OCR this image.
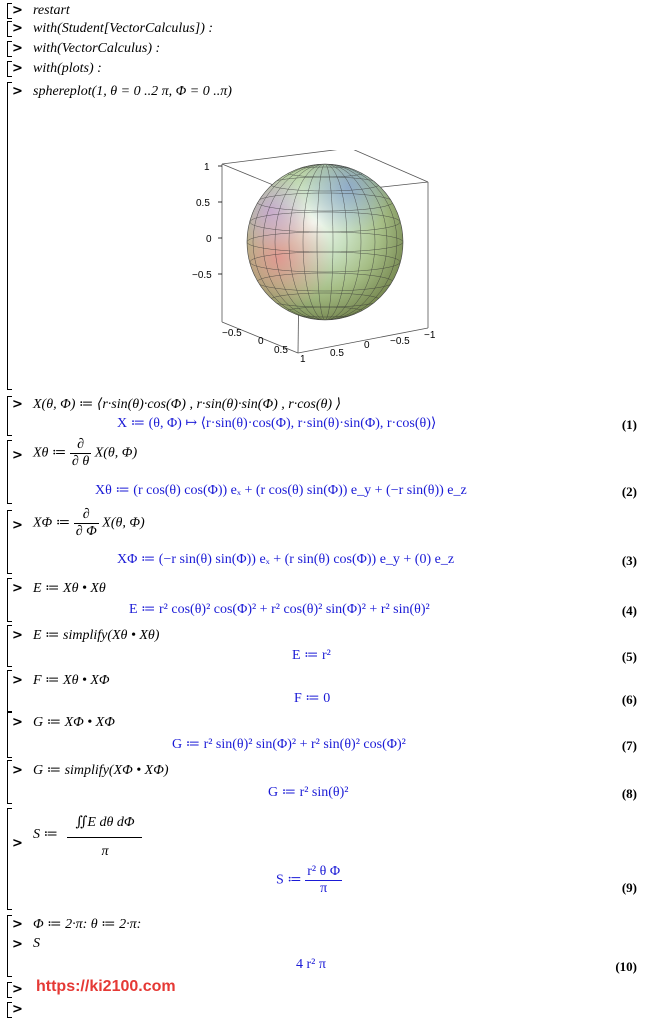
> restart
> with(Student[VectorCalculus]) :
> with(VectorCalculus) :
> with(plots) :
> sphereplot(1, θ = 0 ..2 π, Φ = 0 ..π)
1
0.5
0
−0.5
−0.5
0
0.5
1
0.5
0 −0.5
−1
> X(θ, Φ) ≔ ⟨r·sin(θ)·cos(Φ) , r·sin(θ)·sin(Φ) , r·cos(θ) ⟩
X ≔ (θ, Φ) ↦ ⟨r·sin(θ)·cos(Φ), r·sin(θ)·sin(Φ), r·cos(θ)⟩	(1)
> Xθ ≔ $\frac{\partial}{\partial \theta} X(\theta$, Φ)
Xθ ≔ (r cos(θ) cos(Φ)) eₓ + (r cos(θ) sin(Φ)) e_y + (−r sin(θ)) e_z	(2)
> XΦ ≔ $\frac{\partial}{\partial \Phi} X(\theta$, Φ)
XΦ ≔ (−r sin(θ) sin(Φ)) eₓ + (r sin(θ) cos(Φ)) e_y + (0) e_z	(3)
> E ≔ Xθ • Xθ
E ≔ r² cos(θ)² cos(Φ)² + r² cos(θ)² sin(Φ)² + r² sin(θ)²	(4)
> E ≔ simplify(Xθ • Xθ)
E ≔ r²	(5)
> F ≔ Xθ • XΦ
F ≔ 0	(6)
> G ≔ XΦ • XΦ
G ≔ r² sin(θ)² sin(Φ)² + r² sin(θ)² cos(Φ)²	(7)
> G ≔ simplify(XΦ • XΦ)
G ≔ r² sin(θ)²	(8)
>
S ≔ $\frac{\text{∬E dθ dΦ}}{\pi}$
S ≔ $\frac{\text{r² θ Φ}}{\pi}$	(9)
> Φ ≔ 2·π: θ ≔ 2·π:
> S
4 r² π	(10)
> https://ki2100.com
>
